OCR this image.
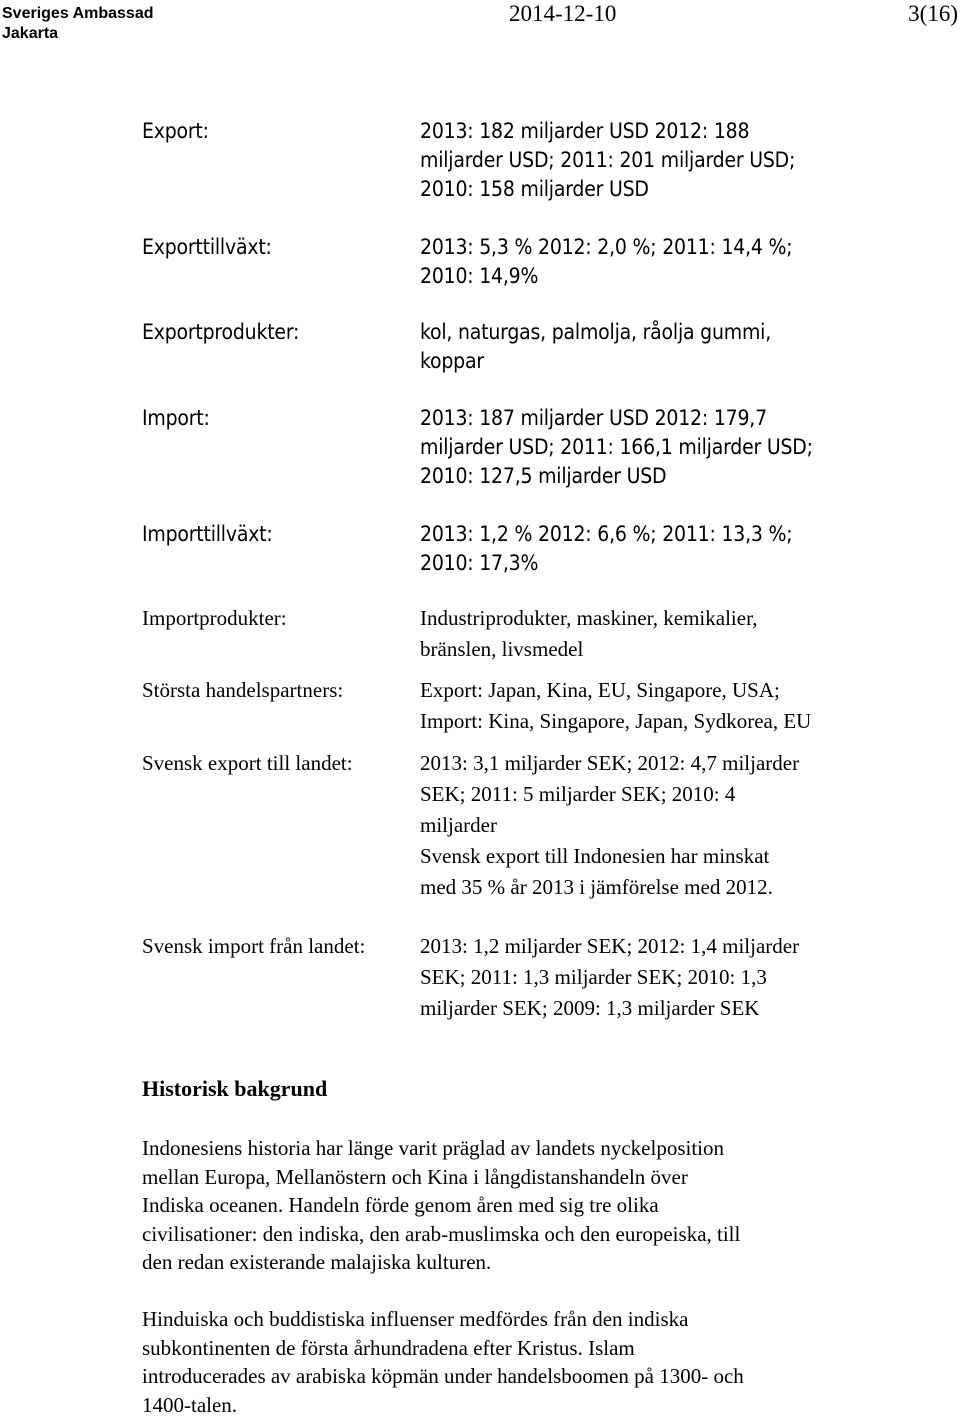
Sveriges Ambassad
Jakarta
2014-12-10	3(16)
Export:	2013: 182 miljarder USD 2012: 188
miljarder USD; 2011: 201 miljarder USD;
2010: 158 miljarder USD
Exporttillväxt:	2013: 5,3 % 2012: 2,0 %; 2011: 14,4 %;
2010: 14,9%
Exportprodukter:	kol, naturgas, palmolja, råolja gummi,
koppar
Import:	2013: 187 miljarder USD 2012: 179,7
miljarder USD; 2011: 166,1 miljarder USD;
2010: 127,5 miljarder USD
Importtillväxt:	2013: 1,2 % 2012: 6,6 %; 2011: 13,3 %;
2010: 17,3%
Importprodukter:	Industriprodukter, maskiner, kemikalier,
bränslen, livsmedel
Största handelspartners:	Export: Japan, Kina, EU, Singapore, USA;
Import: Kina, Singapore, Japan, Sydkorea, EU
Svensk export till landet:	2013: 3,1 miljarder SEK; 2012: 4,7 miljarder
SEK; 2011: 5 miljarder SEK; 2010: 4
miljarder
Svensk export till Indonesien har minskat
med 35 % år 2013 i jämförelse med 2012.
Svensk import från landet:	2013: 1,2 miljarder SEK; 2012: 1,4 miljarder
SEK; 2011: 1,3 miljarder SEK; 2010: 1,3
miljarder SEK; 2009: 1,3 miljarder SEK
Historisk bakgrund
Indonesiens historia har länge varit präglad av landets nyckelposition
mellan Europa, Mellanöstern och Kina i långdistanshandeln över
Indiska oceanen. Handeln förde genom åren med sig tre olika
civilisationer: den indiska, den arab-muslimska och den europeiska, till
den redan existerande malajiska kulturen.
Hinduiska och buddistiska influenser medfördes från den indiska
subkontinenten de första århundradena efter Kristus. Islam
introducerades av arabiska köpmän under handelsboomen på 1300- och
1400-talen.
